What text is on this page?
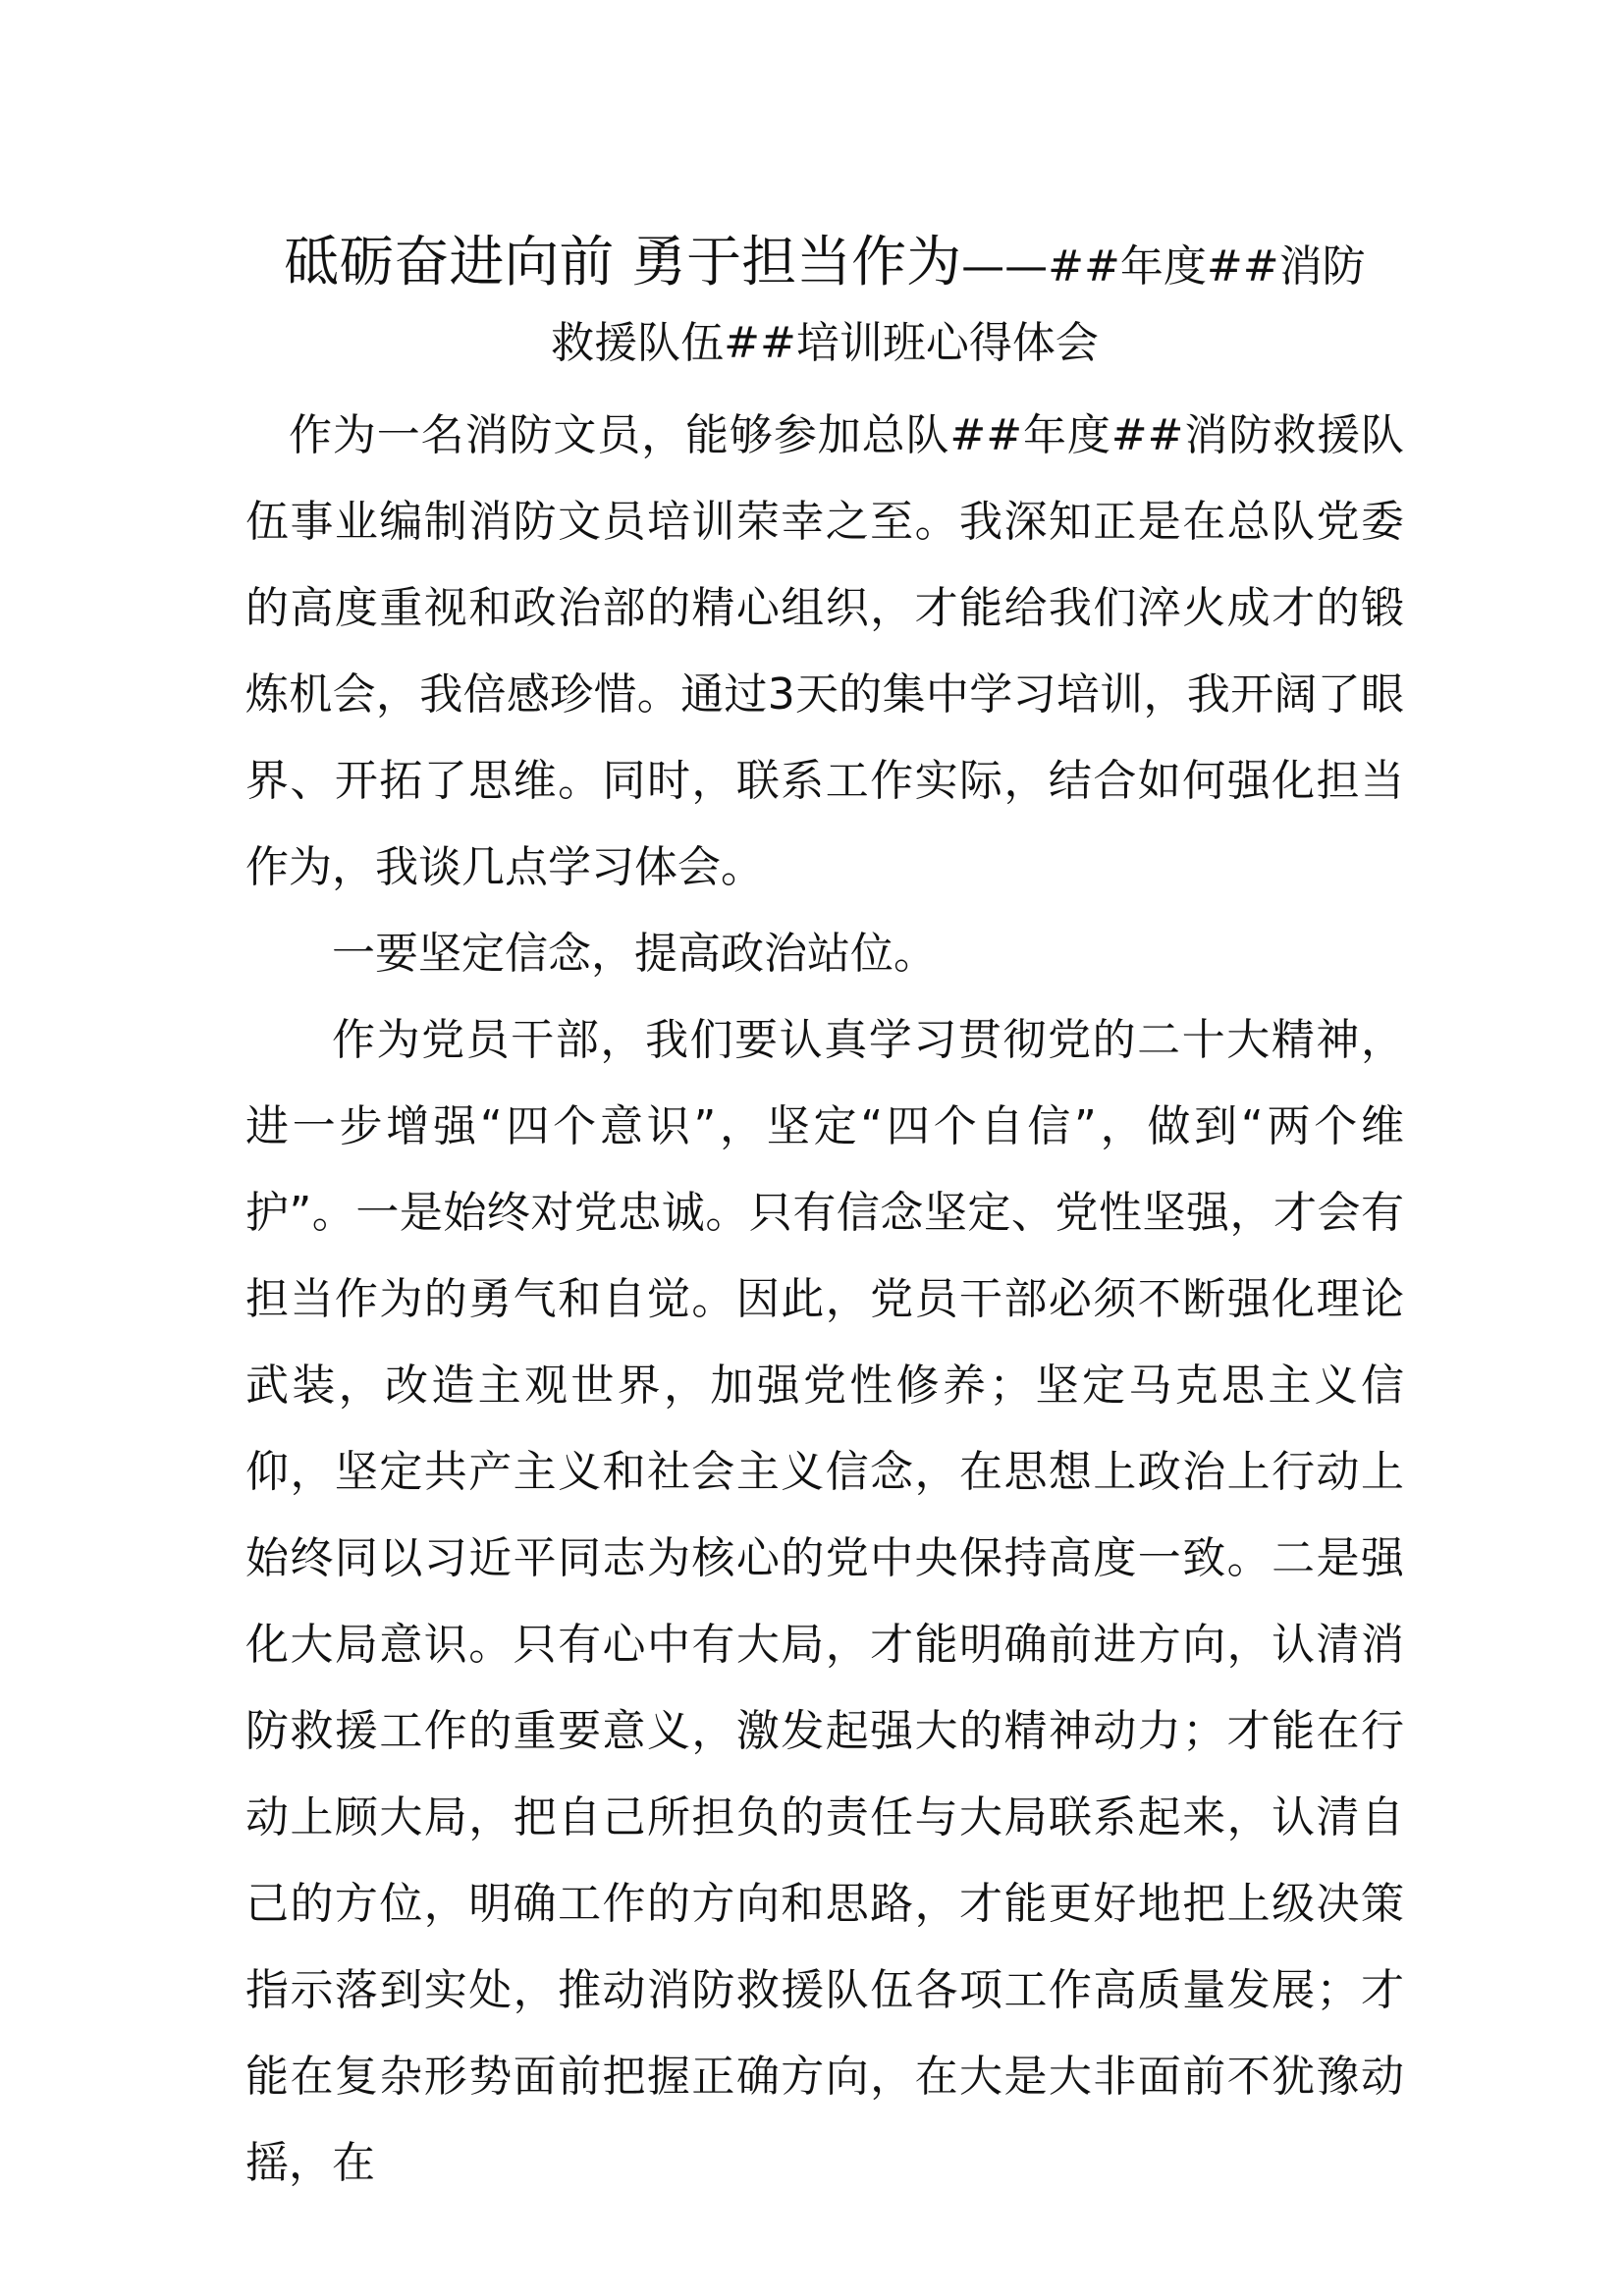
砥砺奋进向前 勇于担当作为——##年度##消防
救援队伍##培训班心得体会

作为一名消防文员，能够参加总队##年度##消防救援队伍事业编制消防文员培训荣幸之至。我深知正是在总队党委的高度重视和政治部的精心组织，才能给我们淬火成才的锻炼机会，我倍感珍惜。通过3天的集中学习培训，我开阔了眼界、开拓了思维。同时，联系工作实际，结合如何强化担当作为，我谈几点学习体会。

一要坚定信念，提高政治站位。

作为党员干部，我们要认真学习贯彻党的二十大精神，进一步增强“四个意识”，坚定“四个自信”，做到“两个维护”。一是始终对党忠诚。只有信念坚定、党性坚强，才会有担当作为的勇气和自觉。因此，党员干部必须不断强化理论武装，改造主观世界，加强党性修养；坚定马克思主义信仰，坚定共产主义和社会主义信念，在思想上政治上行动上始终同以习近平同志为核心的党中央保持高度一致。二是强化大局意识。只有心中有大局，才能明确前进方向，认清消防救援工作的重要意义，激发起强大的精神动力；才能在行动上顾大局，把自己所担负的责任与大局联系起来，认清自己的方位，明确工作的方向和思路，才能更好地把上级决策指示落到实处，推动消防救援队伍各项工作高质量发展；才能在复杂形势面前把握正确方向，在大是大非面前不犹豫动摇，在
